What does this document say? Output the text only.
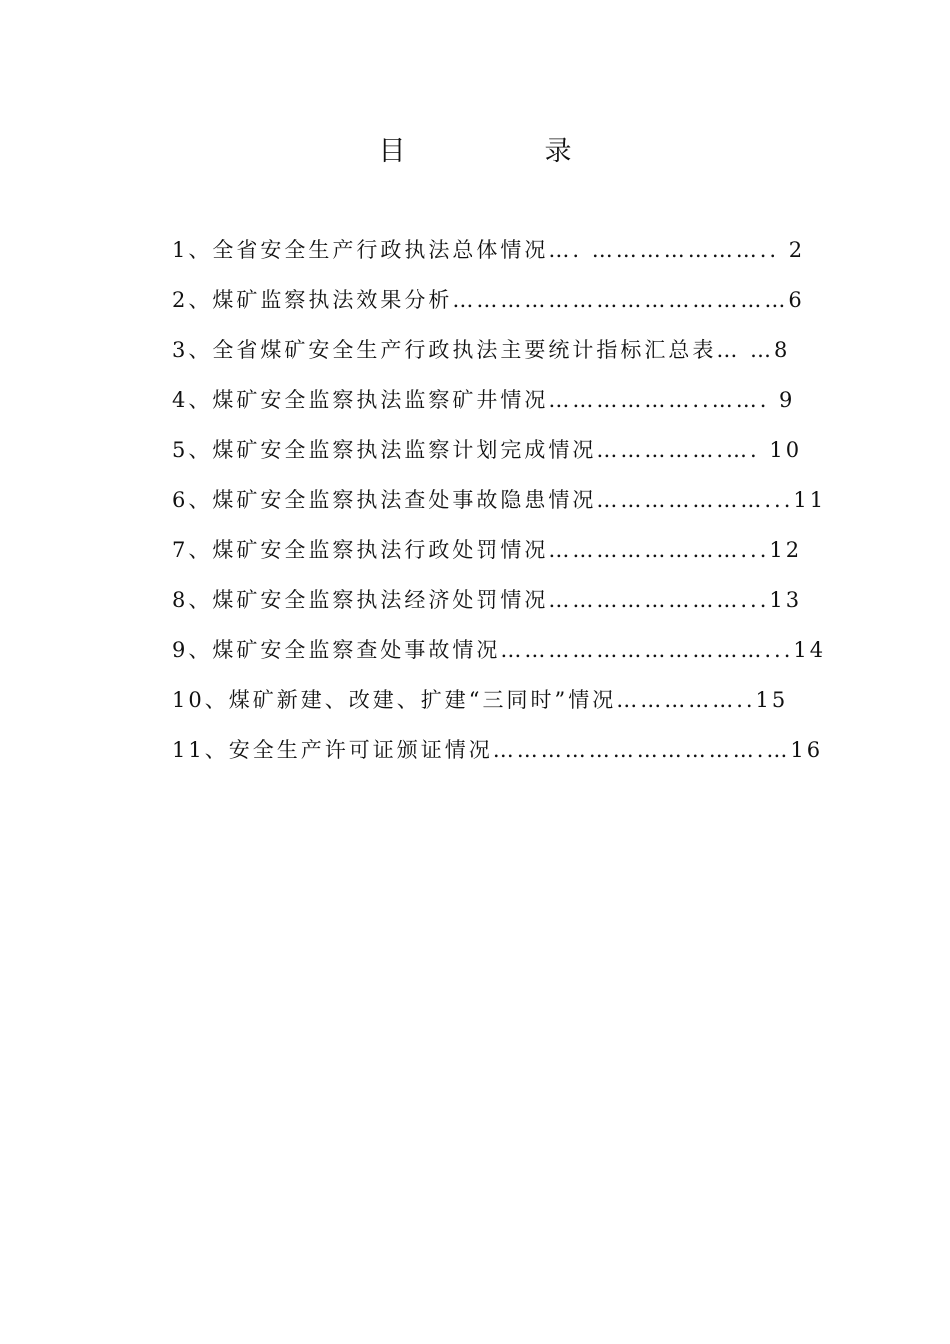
目　录
1、全省安全生产行政执法总体情况…. ………………….. 2
2、煤矿监察执法效果分析……………………………………6
3、全省煤矿安全生产行政执法主要统计指标汇总表… …8
4、煤矿安全监察执法监察矿井情况………………..……. 9
5、煤矿安全监察执法监察计划完成情况…………….…. 10
6、煤矿安全监察执法查处事故隐患情况…………………...11
7、煤矿安全监察执法行政处罚情况……………………...12
8、煤矿安全监察执法经济处罚情况……………………...13
9、煤矿安全监察查处事故情况……………………………...14
10、煤矿新建、改建、扩建“三同时”情况……………..15
11、安全生产许可证颁证情况…………………………….…16
